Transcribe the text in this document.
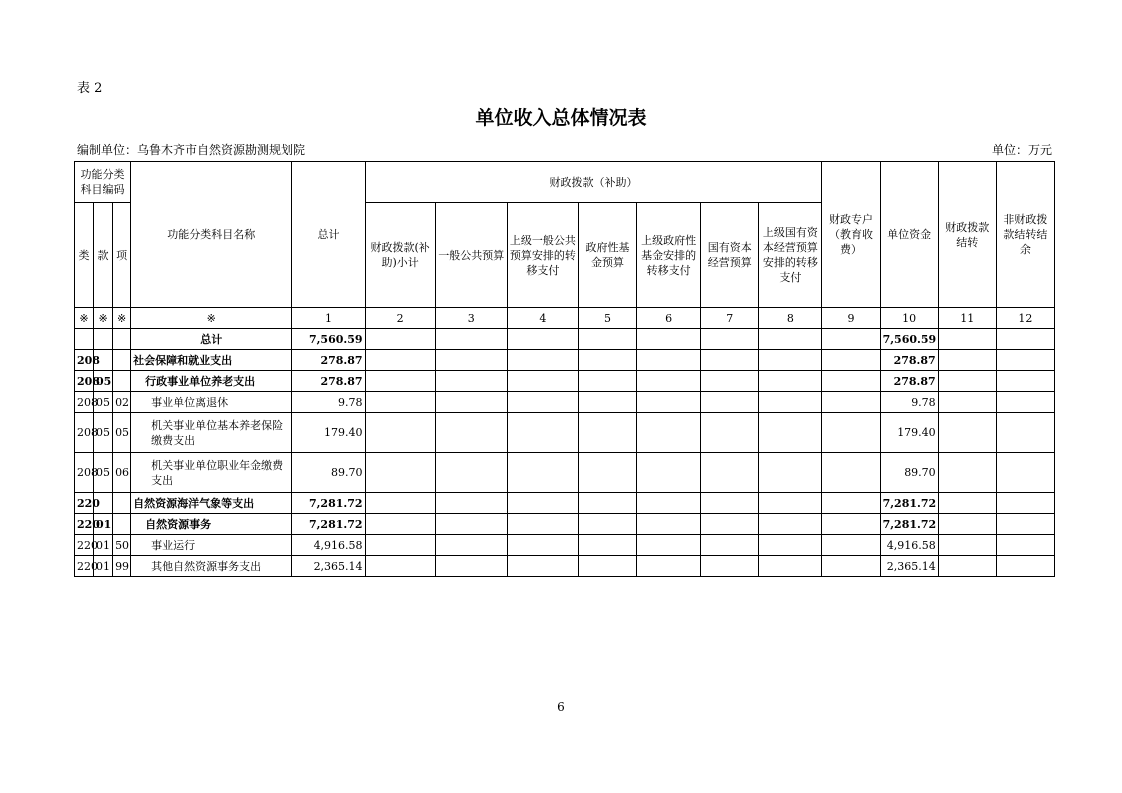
表 2
单位收入总体情况表
编制单位：乌鲁木齐市自然资源勘测规划院	单位：万元
功能分类科目编码			功能分类科目名称	总计	财政拨款（补助）							财政专户（教育收费）	单位资金	财政拨款结转	非财政拨款结转结余
类	款	项			财政拨款(补助)小计	一般公共预算	上级一般公共预算安排的转移支付	政府性基金预算	上级政府性基金安排的转移支付	国有资本经营预算	上级国有资本经营预算安排的转移支付				
※	※	※	※	1	2	3	4	5	6	7	8	9	10	11	12
			总计	7,560.59									7,560.59		
208			社会保障和就业支出	278.87									278.87		
208	05		行政事业单位养老支出	278.87									278.87		
208	05	02	事业单位离退休	9.78									9.78		
208	05	05	机关事业单位基本养老保险缴费支出	179.40									179.40		
208	05	06	机关事业单位职业年金缴费支出	89.70									89.70		
220			自然资源海洋气象等支出	7,281.72									7,281.72		
220	01		自然资源事务	7,281.72									7,281.72		
220	01	50	事业运行	4,916.58									4,916.58		
220	01	99	其他自然资源事务支出	2,365.14									2,365.14		
6
